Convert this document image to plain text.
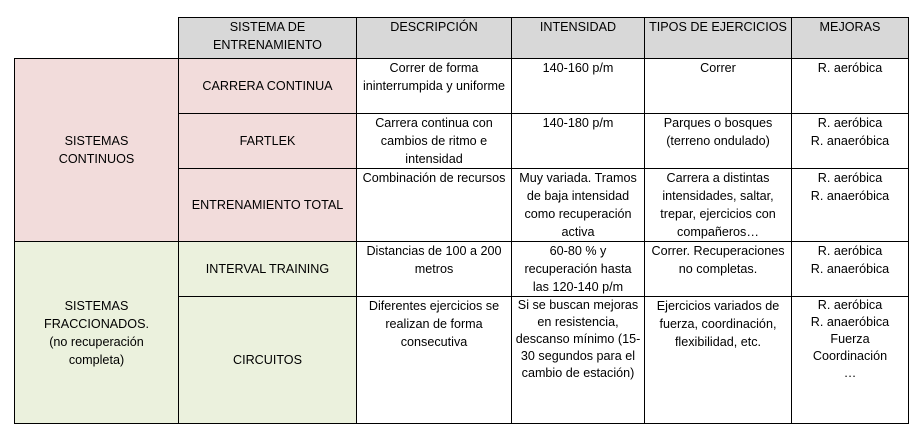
	SISTEMA DE ENTRENAMIENTO	DESCRIPCIÓN	INTENSIDAD	TIPOS DE EJERCICIOS	MEJORAS
SISTEMAS CONTINUOS	CARRERA CONTINUA	Correr de forma ininterrumpida y uniforme	140-160 p/m	Correr	R. aeróbica

	FARTLEK	Carrera continua con cambios de ritmo e intensidad	140-180 p/m	Parques o bosques (terreno ondulado)	R. aeróbica
R. anaeróbica

	ENTRENAMIENTO TOTAL	Combinación de recursos	Muy variada. Tramos de baja intensidad como recuperación activa	Carrera a distintas intensidades, saltar, trepar, ejercicios con compañeros…	R. aeróbica
R. anaeróbica

SISTEMAS FRACCIONADOS. (no recuperación completa)	INTERVAL TRAINING	Distancias de 100 a 200 metros	60-80 % y recuperación hasta las 120-140 p/m	Correr. Recuperaciones no completas.	R. aeróbica
R. anaeróbica

	CIRCUITOS	Diferentes ejercicios se realizan de forma consecutiva	Si se buscan mejoras en resistencia, descanso mínimo (15-30 segundos para el cambio de estación)	Ejercicios variados de fuerza, coordinación, flexibilidad, etc.	R. aeróbica
R. anaeróbica
Fuerza
Coordinación
…
